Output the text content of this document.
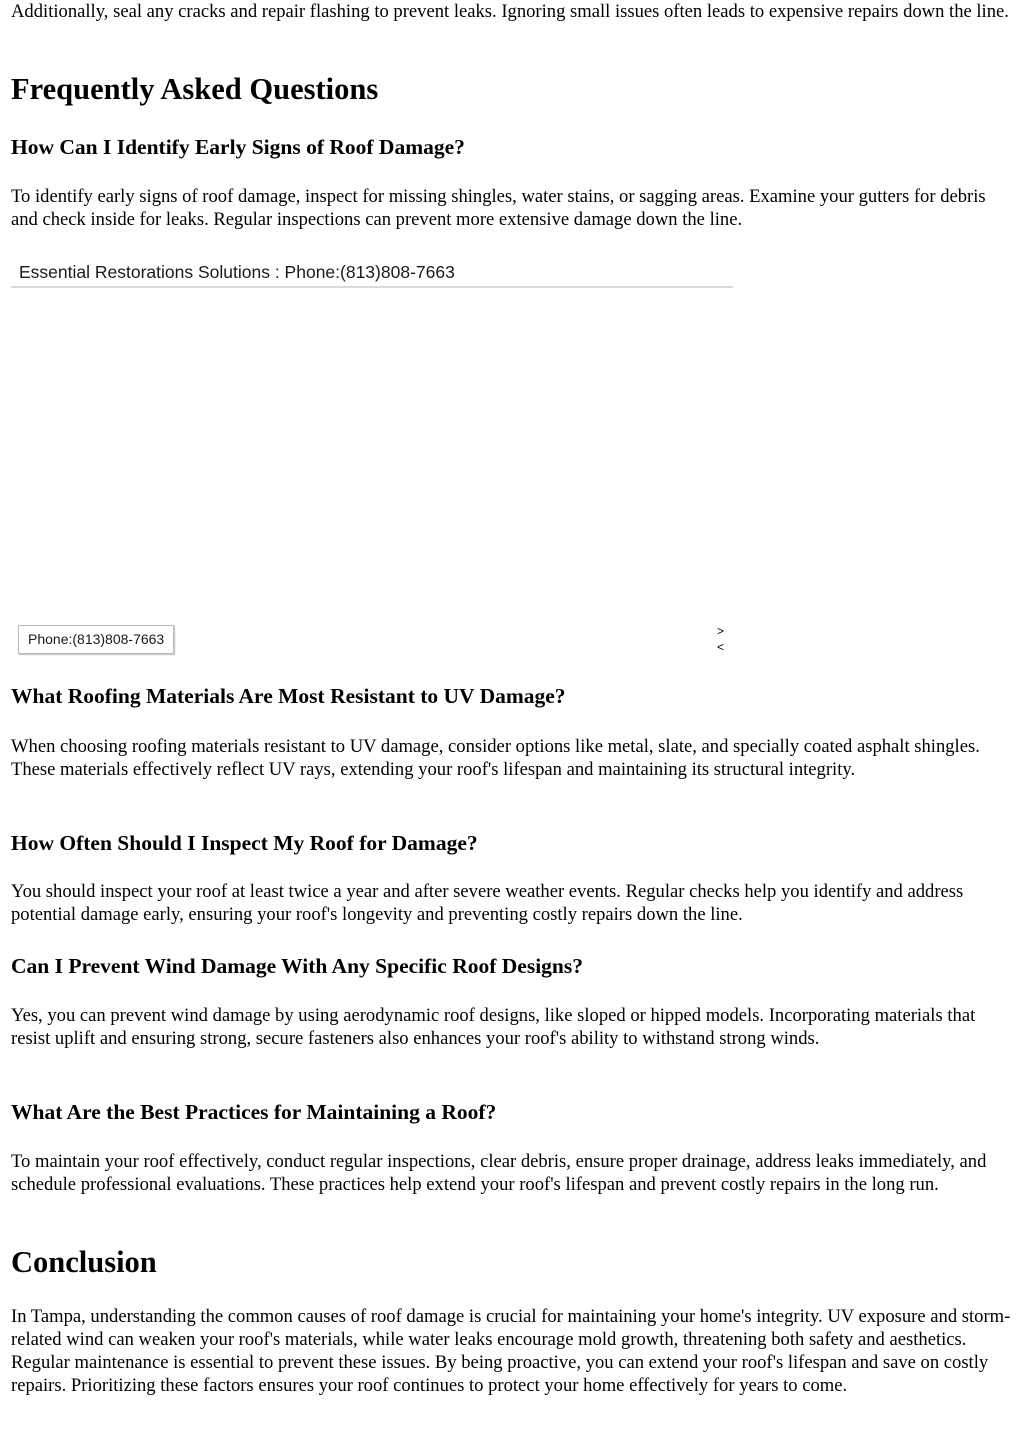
Additionally, seal any cracks and repair flashing to prevent leaks. Ignoring small issues often leads to expensive repairs down the line.

Frequently Asked Questions
How Can I Identify Early Signs of Roof Damage?

To identify early signs of roof damage, inspect for missing shingles, water stains, or sagging areas. Examine your gutters for debris and check inside for leaks. Regular inspections can prevent more extensive damage down the line.

Essential Restorations Solutions : Phone:(813)808-7663
Phone:(813)808-7663	>
<
What Roofing Materials Are Most Resistant to UV Damage?

When choosing roofing materials resistant to UV damage, consider options like metal, slate, and specially coated asphalt shingles. These materials effectively reflect UV rays, extending your roof's lifespan and maintaining its structural integrity.

How Often Should I Inspect My Roof for Damage?

You should inspect your roof at least twice a year and after severe weather events. Regular checks help you identify and address potential damage early, ensuring your roof's longevity and preventing costly repairs down the line.

Can I Prevent Wind Damage With Any Specific Roof Designs?

Yes, you can prevent wind damage by using aerodynamic roof designs, like sloped or hipped models. Incorporating materials that resist uplift and ensuring strong, secure fasteners also enhances your roof's ability to withstand strong winds.

What Are the Best Practices for Maintaining a Roof?

To maintain your roof effectively, conduct regular inspections, clear debris, ensure proper drainage, address leaks immediately, and schedule professional evaluations. These practices help extend your roof's lifespan and prevent costly repairs in the long run.

Conclusion

In Tampa, understanding the common causes of roof damage is crucial for maintaining your home's integrity. UV exposure and storm-related wind can weaken your roof's materials, while water leaks encourage mold growth, threatening both safety and aesthetics. Regular maintenance is essential to prevent these issues. By being proactive, you can extend your roof's lifespan and save on costly repairs. Prioritizing these factors ensures your roof continues to protect your home effectively for years to come.
